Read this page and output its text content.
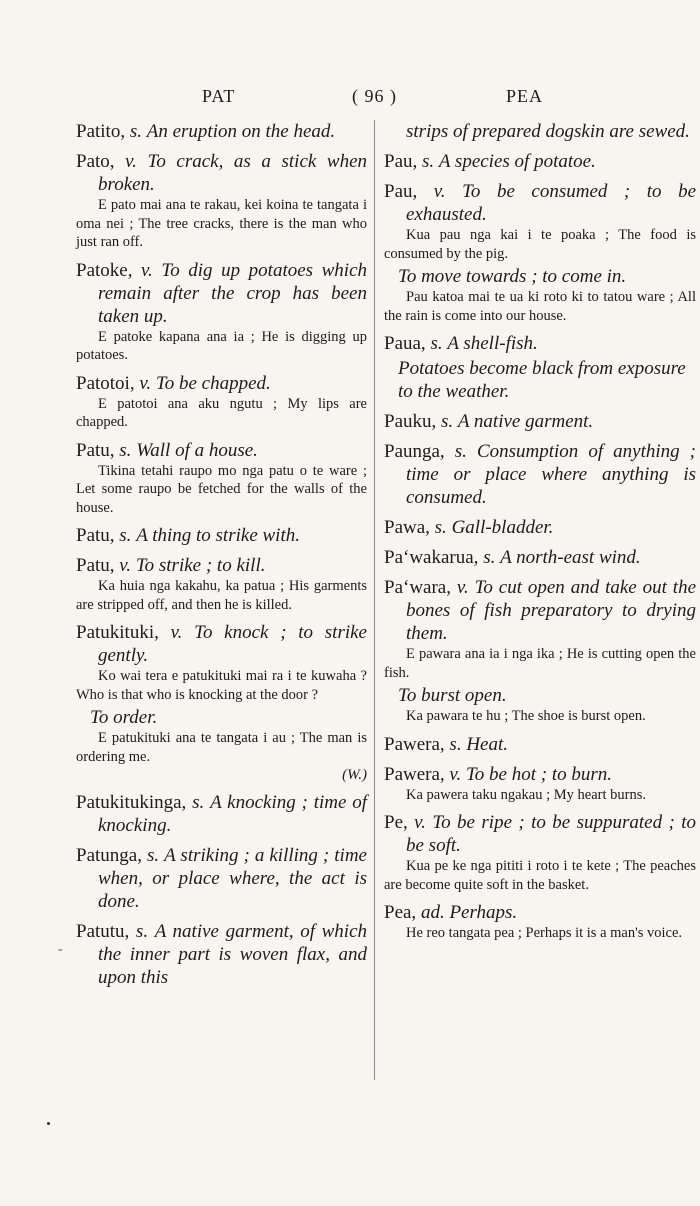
PAT	( 96 )	PEA
-
Patito, s. An eruption on the head.
Pato, v. To crack, as a stick when broken.
E pato mai ana te rakau, kei koina te tangata i oma nei ; The tree cracks, there is the man who just ran off.
Patoke, v. To dig up potatoes which remain after the crop has been taken up.
E patoke kapana ana ia ; He is digging up potatoes.
Patotoi, v. To be chapped.
E patotoi ana aku ngutu ; My lips are chapped.
Patu, s. Wall of a house.
Tikina tetahi raupo mo nga patu o te ware ; Let some raupo be fetched for the walls of the house.
Patu, s. A thing to strike with.
Patu, v. To strike ; to kill.
Ka huia nga kakahu, ka patua ; His garments are stripped off, and then he is killed.
Patukituki, v. To knock ; to strike gently.
Ko wai tera e patukituki mai ra i te kuwaha ? Who is that who is knocking at the door ?
To order.
E patukituki ana te tangata i au ; The man is ordering me.
(W.)
Patukitukinga, s. A knocking ; time of knocking.
Patunga, s. A striking ; a killing ; time when, or place where, the act is done.
Patutu, s. A native garment, of which the inner part is woven flax, and upon this
strips of prepared dogskin are sewed.
Pau, s. A species of potatoe.
Pau, v. To be consumed ; to be exhausted.
Kua pau nga kai i te poaka ; The food is consumed by the pig.
To move towards ; to come in.
Pau katoa mai te ua ki roto ki to tatou ware ; All the rain is come into our house.
Paua, s. A shell-fish.
Potatoes become black from exposure to the weather.
Pauku, s. A native garment.
Paunga, s. Consumption of anything ; time or place where anything is consumed.
Pawa, s. Gall-bladder.
Paʻwakarua, s. A north-east wind.
Paʻwara, v. To cut open and take out the bones of fish preparatory to drying them.
E pawara ana ia i nga ika ; He is cutting open the fish.
To burst open.
Ka pawara te hu ; The shoe is burst open.
Pawera, s. Heat.
Pawera, v. To be hot ; to burn.
Ka pawera taku ngakau ; My heart burns.
Pe, v. To be ripe ; to be suppurated ; to be soft.
Kua pe ke nga pititi i roto i te kete ; The peaches are become quite soft in the basket.
Pea, ad. Perhaps.
He reo tangata pea ; Perhaps it is a man's voice.
